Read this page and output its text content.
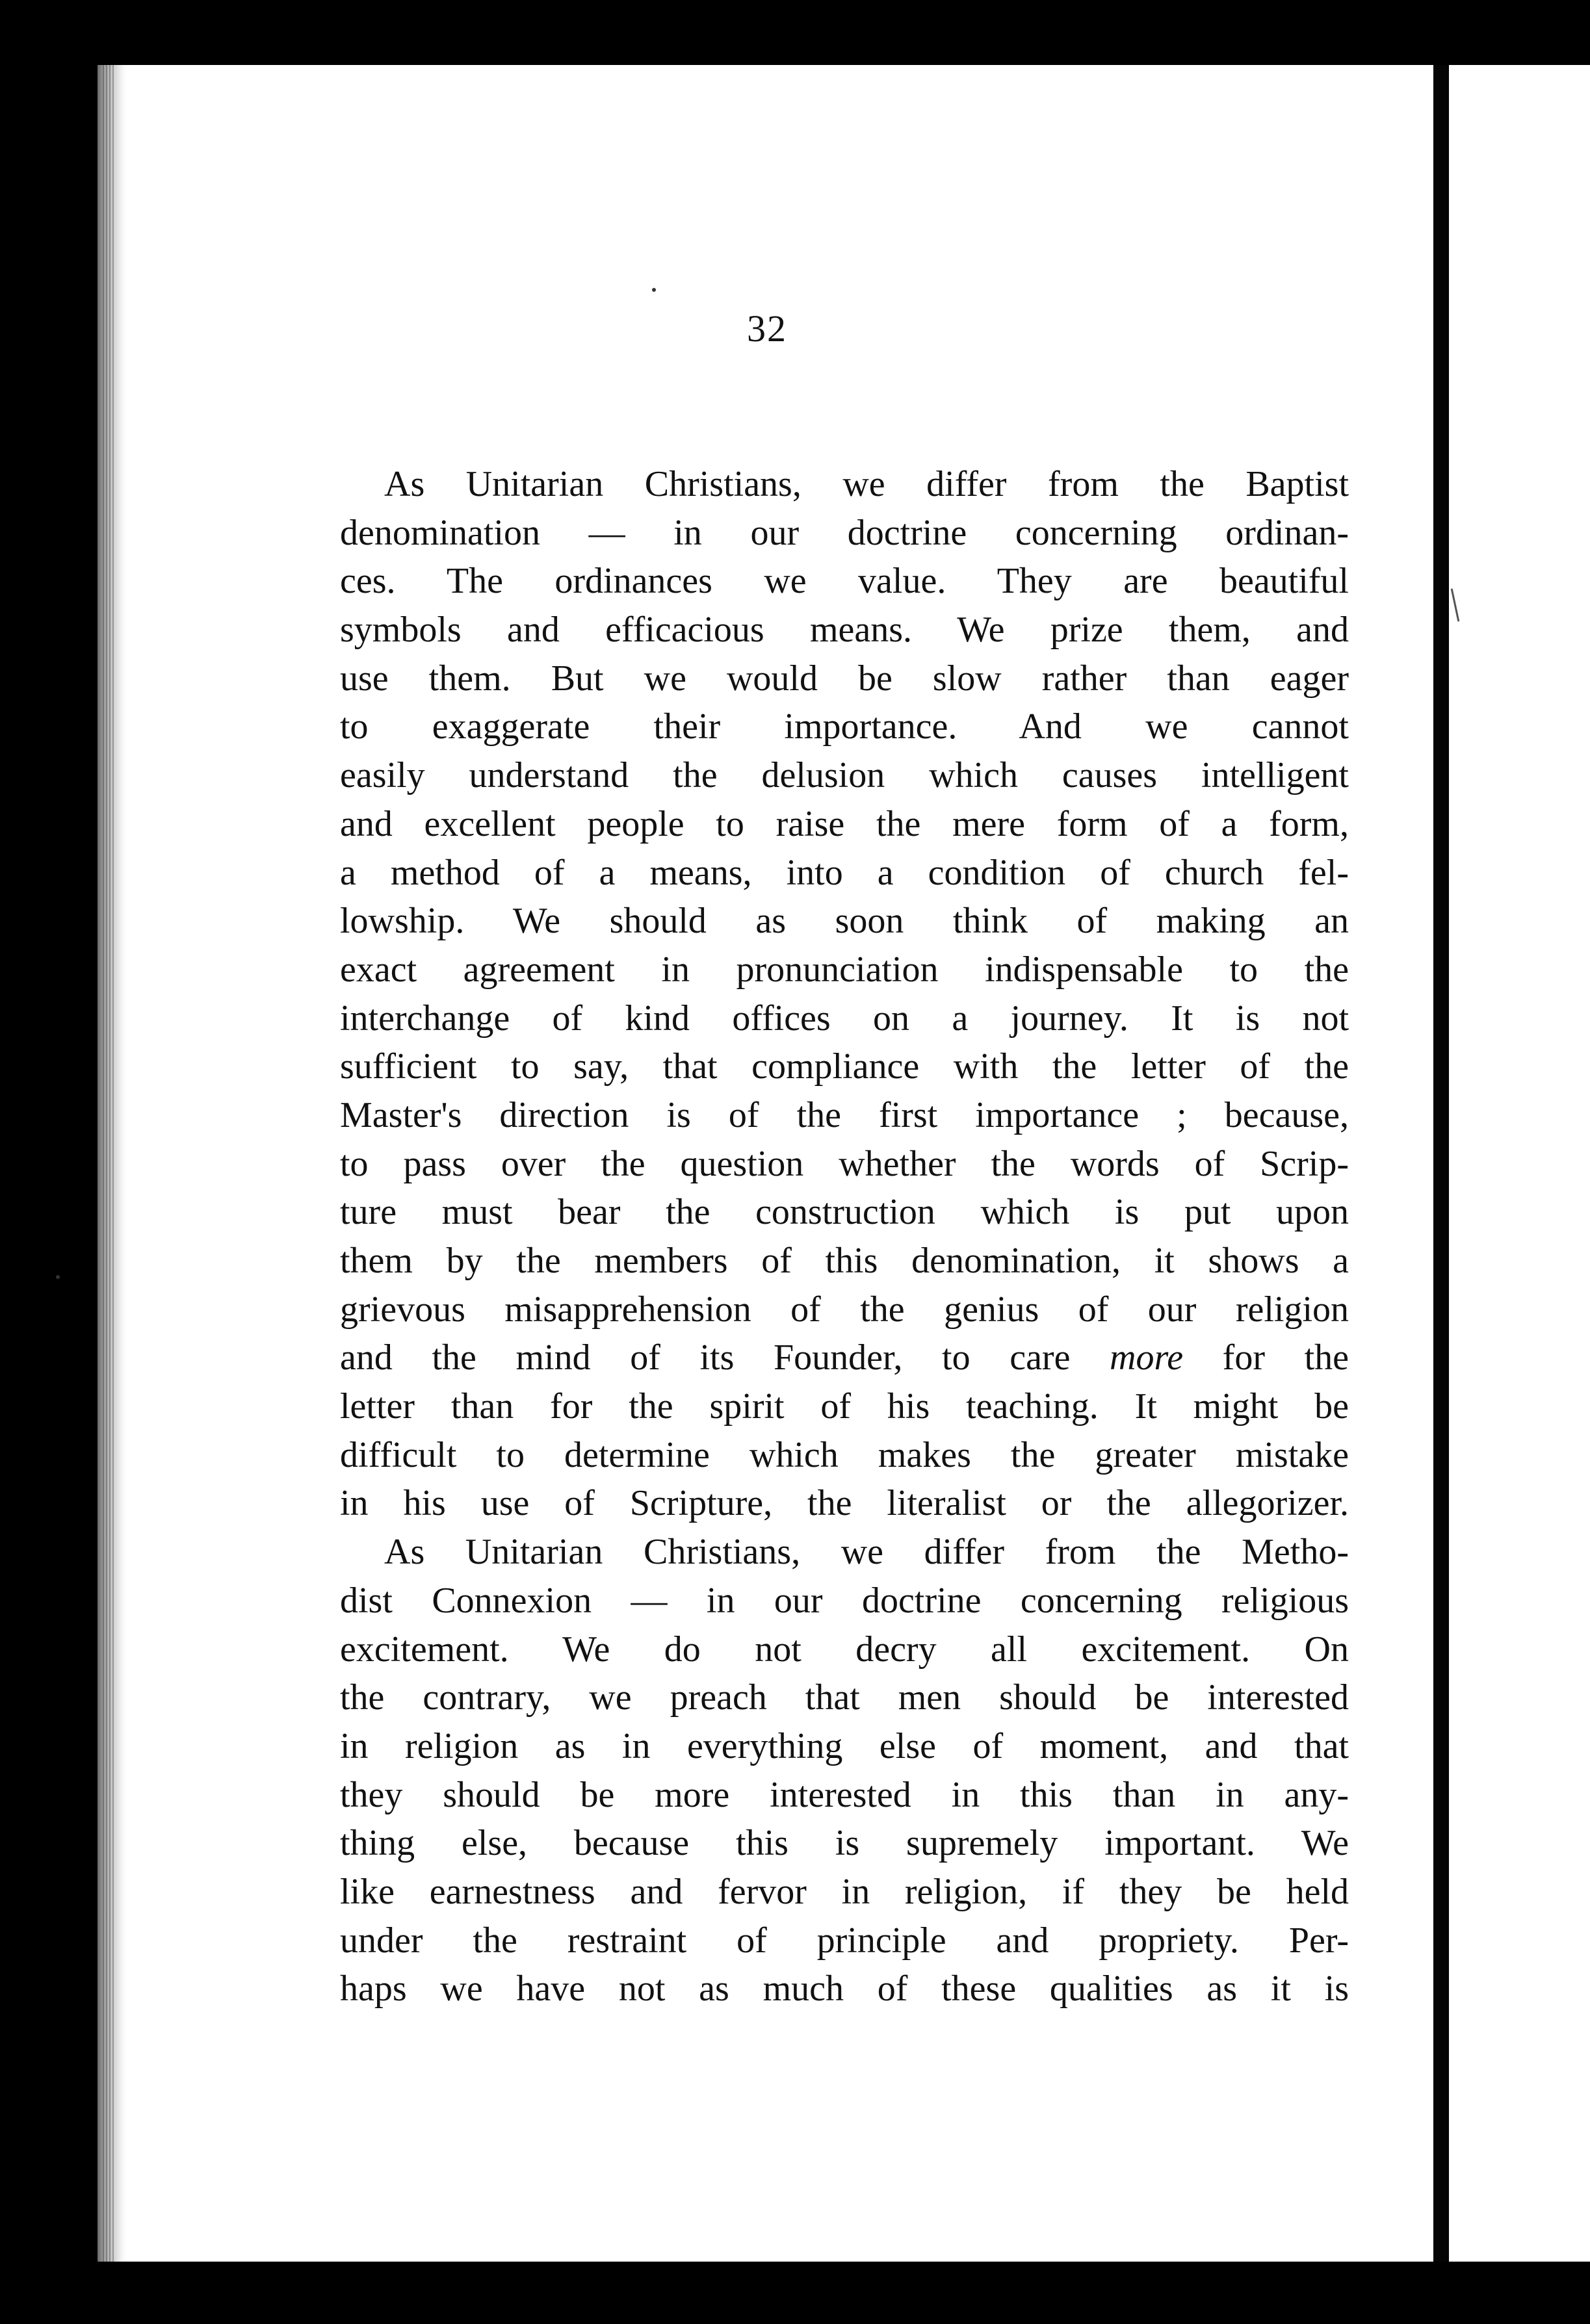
32
As Unitarian Christians, we differ from the Baptist
denomination — in our doctrine concerning ordinan-
ces. The ordinances we value. They are beautiful
symbols and efficacious means. We prize them, and
use them. But we would be slow rather than eager
to exaggerate their importance. And we cannot
easily understand the delusion which causes intelligent
and excellent people to raise the mere form of a form,
a method of a means, into a condition of church fel-
lowship. We should as soon think of making an
exact agreement in pronunciation indispensable to the
interchange of kind offices on a journey. It is not
sufficient to say, that compliance with the letter of the
Master's direction is of the first importance ; because,
to pass over the question whether the words of Scrip-
ture must bear the construction which is put upon
them by the members of this denomination, it shows a
grievous misapprehension of the genius of our religion
and the mind of its Founder, to care more for the
letter than for the spirit of his teaching. It might be
difficult to determine which makes the greater mistake
in his use of Scripture, the literalist or the allegorizer.
As Unitarian Christians, we differ from the Metho-
dist Connexion — in our doctrine concerning religious
excitement. We do not decry all excitement. On
the contrary, we preach that men should be interested
in religion as in everything else of moment, and that
they should be more interested in this than in any-
thing else, because this is supremely important. We
like earnestness and fervor in religion, if they be held
under the restraint of principle and propriety. Per-
haps we have not as much of these qualities as it is
